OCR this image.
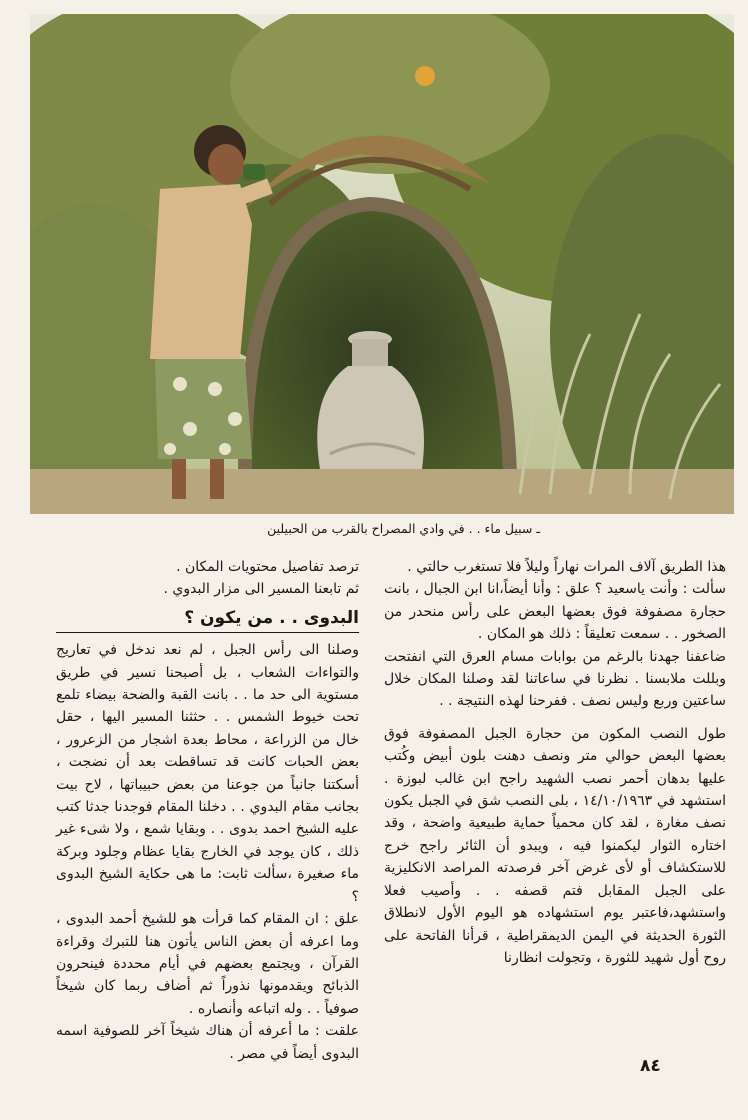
ـ سبيل ماء . . في وادي المصراح بالقرب من الحبيلين

هذا الطريق آلاف المرات نهاراً وليلاً فلا تستغرب حالتي .

سألت : وأنت ياسعيد ؟ علق : وأنا أيضاً،انا ابن الجبال ، بانت حجارة مصفوفة فوق بعضها البعض على رأس منحدر من الصخور . . سمعت تعليقاً : ذلك هو المكان .

ضاعفنا جهدنا بالرغم من بوابات مسام العرق التي انفتحت وبللت ملابسنا . نظرنا في ساعاتنا لقد وصلنا المكان خلال ساعتين وربع وليس نصف . ففرحنا لهذه النتيجة . .

طول النصب المكون من حجارة الجبل المصفوفة فوق بعضها البعض حوالي متر ونصف دهنت بلون أبيض وكُتب عليها بدهان أحمر نصب الشهيد راجح ابن غالب لبوزة . استشهد في ١٤/١٠/١٩٦٣ ، بلى النصب شق في الجبل يكون نصف مغارة ، لقد كان محمياً حماية طبيعية واضحة ، وقد اختاره الثوار ليكمنوا فيه ، ويبدو أن الثائر راجح خرج للاستكشاف أو لأى غرض آخر فرصدته المراصد الانكليزية على الجبل المقابل فتم قصفه . . وأصيب فعلا واستشهد،فاعتبر يوم استشهاده هو اليوم الأول لانطلاق الثورة الحديثة في اليمن الديمقراطية ، قرأنا الفاتحة على روح أول شهيد للثورة ، وتجولت انظارنا

ترصد تفاصيل محتويات المكان .

ثم تابعنا المسير الى مزار البدوي .

البدوى . . من يكون ؟

وصلنا الى رأس الجبل ، لم نعد ندخل في تعاريج والتواءات الشعاب ، بل أصبحنا نسير في طريق مستوية الى حد ما . . بانت القبة والضحة بيضاء تلمع تحت خيوط الشمس . . حثثنا المسير اليها ، حقل خال من الزراعة ، محاط بعدة اشجار من الزعرور ، بعض الحبات كانت قد تساقطت بعد أن نضجت ، أسكتنا جانباً من جوعنا من بعض حبيباتها ، لاح بيت بجانب مقام البدوي . . دخلنا المقام فوجدنا جدثا كتب عليه الشيخ احمد بدوى . . وبقايا شمع ، ولا شىء غير ذلك ، كان يوجد في الخارج بقايا عظام وجلود وبركة ماء صغيرة ،سألت ثابت: ما هى حكاية الشيخ البدوى ؟

علق : ان المقام كما قرأت هو للشيخ أحمد البدوى ، وما اعرفه أن بعض الناس يأتون هنا للتبرك وقراءة القرآن ، ويجتمع بعضهم في أيام محددة فينحرون الذبائح ويقدمونها نذوراً ثم أضاف ربما كان شيخاً صوفياً . . وله اتباعه وأنصاره .

علقت : ما أعرفه أن هناك شيخاً آخر للصوفية اسمه البدوى أيضاً في مصر .

٨٤
